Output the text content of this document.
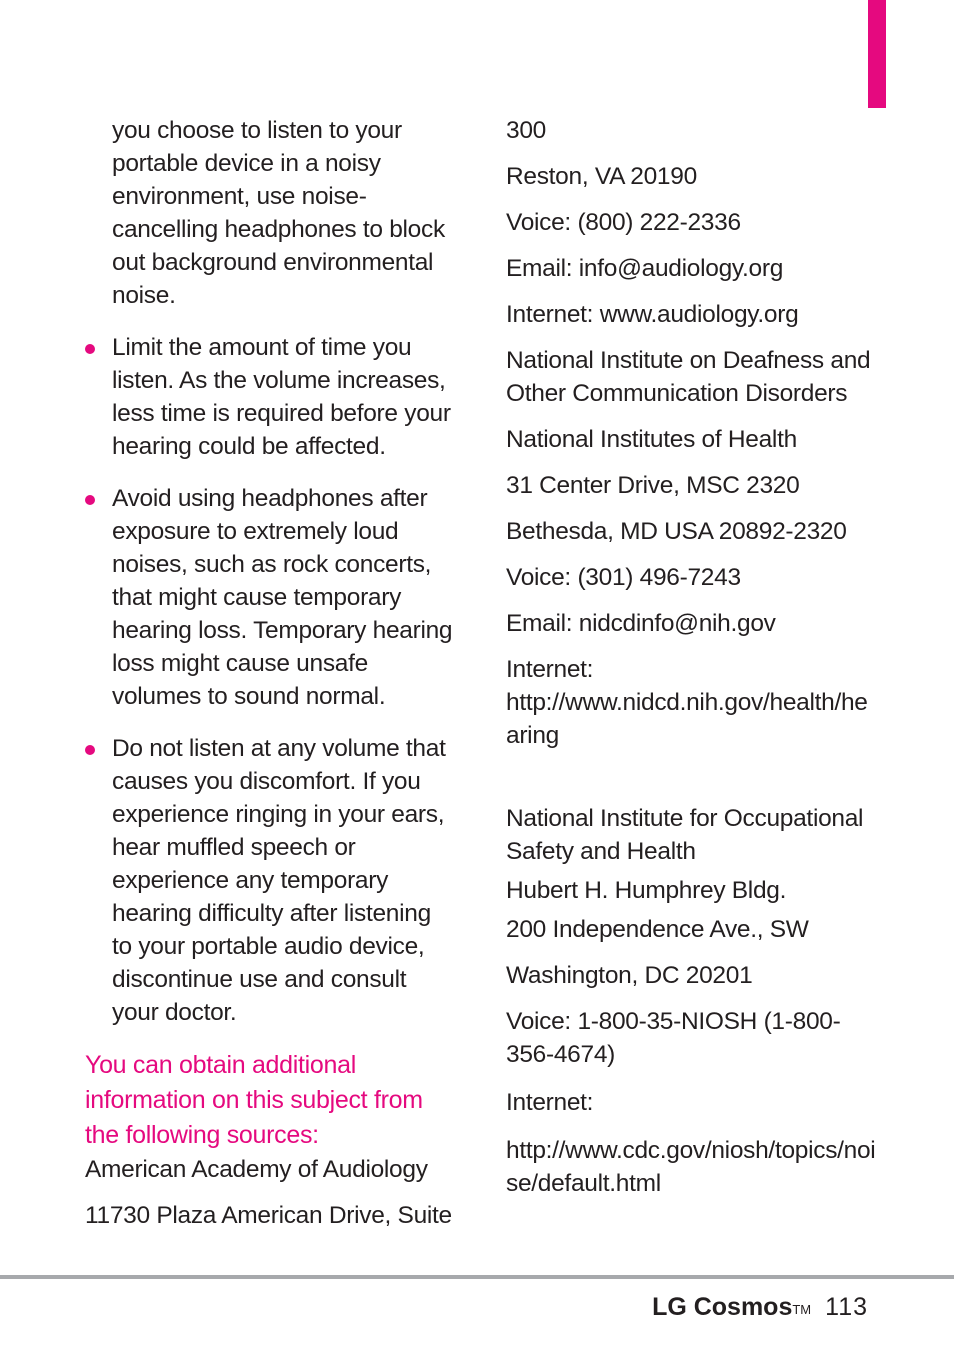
you choose to listen to your portable device in a noisy environment, use noise-cancelling headphones to block out background environmental noise.

Limit the amount of time you listen. As the volume increases, less time is required before your hearing could be affected.
Avoid using headphones after exposure to extremely loud noises, such as rock concerts, that might cause temporary hearing loss. Temporary hearing loss might cause unsafe volumes to sound normal.
Do not listen at any volume that causes you discomfort. If you experience ringing in your ears, hear muffled speech or experience any temporary hearing difficulty after listening to your portable audio device, discontinue use and consult your doctor.

You can obtain additional information on this subject from the following sources:

American Academy of Audiology

11730 Plaza American Drive, Suite

300

Reston, VA 20190

Voice: (800) 222-2336

Email: info@audiology.org

Internet: www.audiology.org

National Institute on Deafness and Other Communication Disorders

National Institutes of Health

31 Center Drive, MSC 2320

Bethesda, MD USA 20892-2320

Voice: (301) 496-7243

Email: nidcdinfo@nih.gov

Internet:

http://www.nidcd.nih.gov/health/hearing

National Institute for Occupational Safety and Health

Hubert H. Humphrey Bldg.

200 Independence Ave., SW

Washington, DC 20201

Voice: 1-800-35-NIOSH (1-800-356-4674)

Internet:

http://www.cdc.gov/niosh/topics/noise/default.html

LG Cosmos™ 113
